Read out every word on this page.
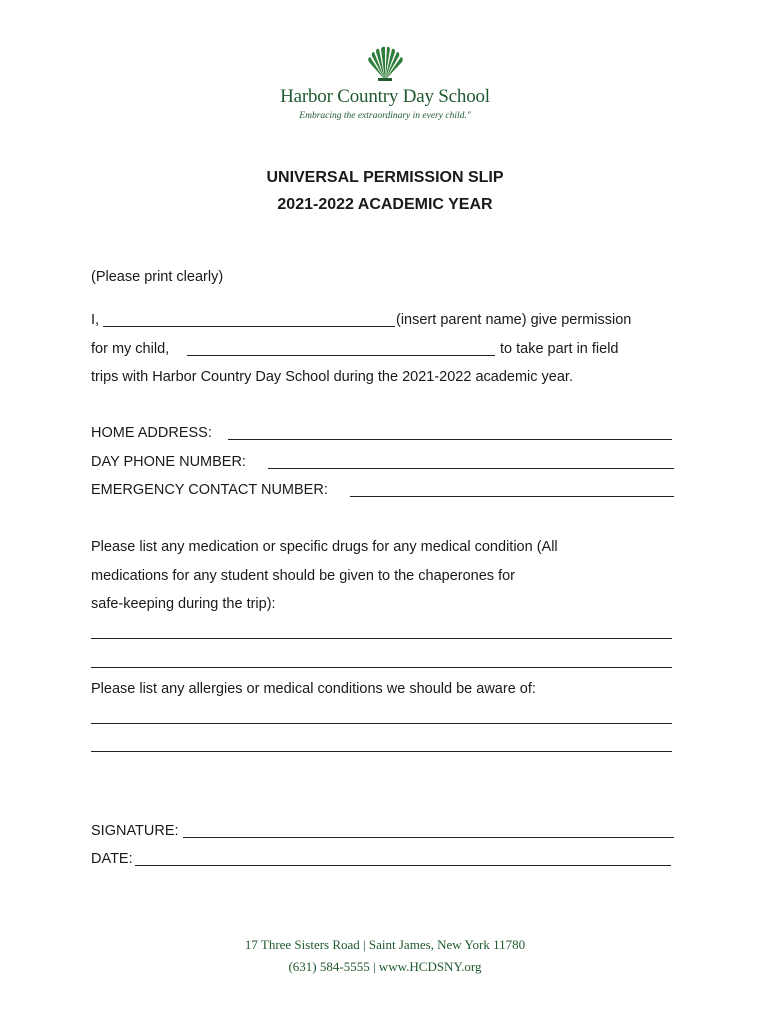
Harbor Country Day School
Embracing the extraordinary in every child."
UNIVERSAL PERMISSION SLIP
2021-2022 ACADEMIC YEAR
(Please print clearly)
I,	(insert parent name) give permission
for my child,	to take part in field
trips with Harbor Country Day School during the 2021-2022 academic year.
HOME ADDRESS:
DAY PHONE NUMBER:
EMERGENCY CONTACT NUMBER:
Please list any medication or specific drugs for any medical condition (All
medications for any student should be given to the chaperones for
safe-keeping during the trip):
Please list any allergies or medical conditions we should be aware of:
SIGNATURE:
DATE:
17 Three Sisters Road | Saint James, New York 11780
(631) 584-5555 | www.HCDSNY.org
